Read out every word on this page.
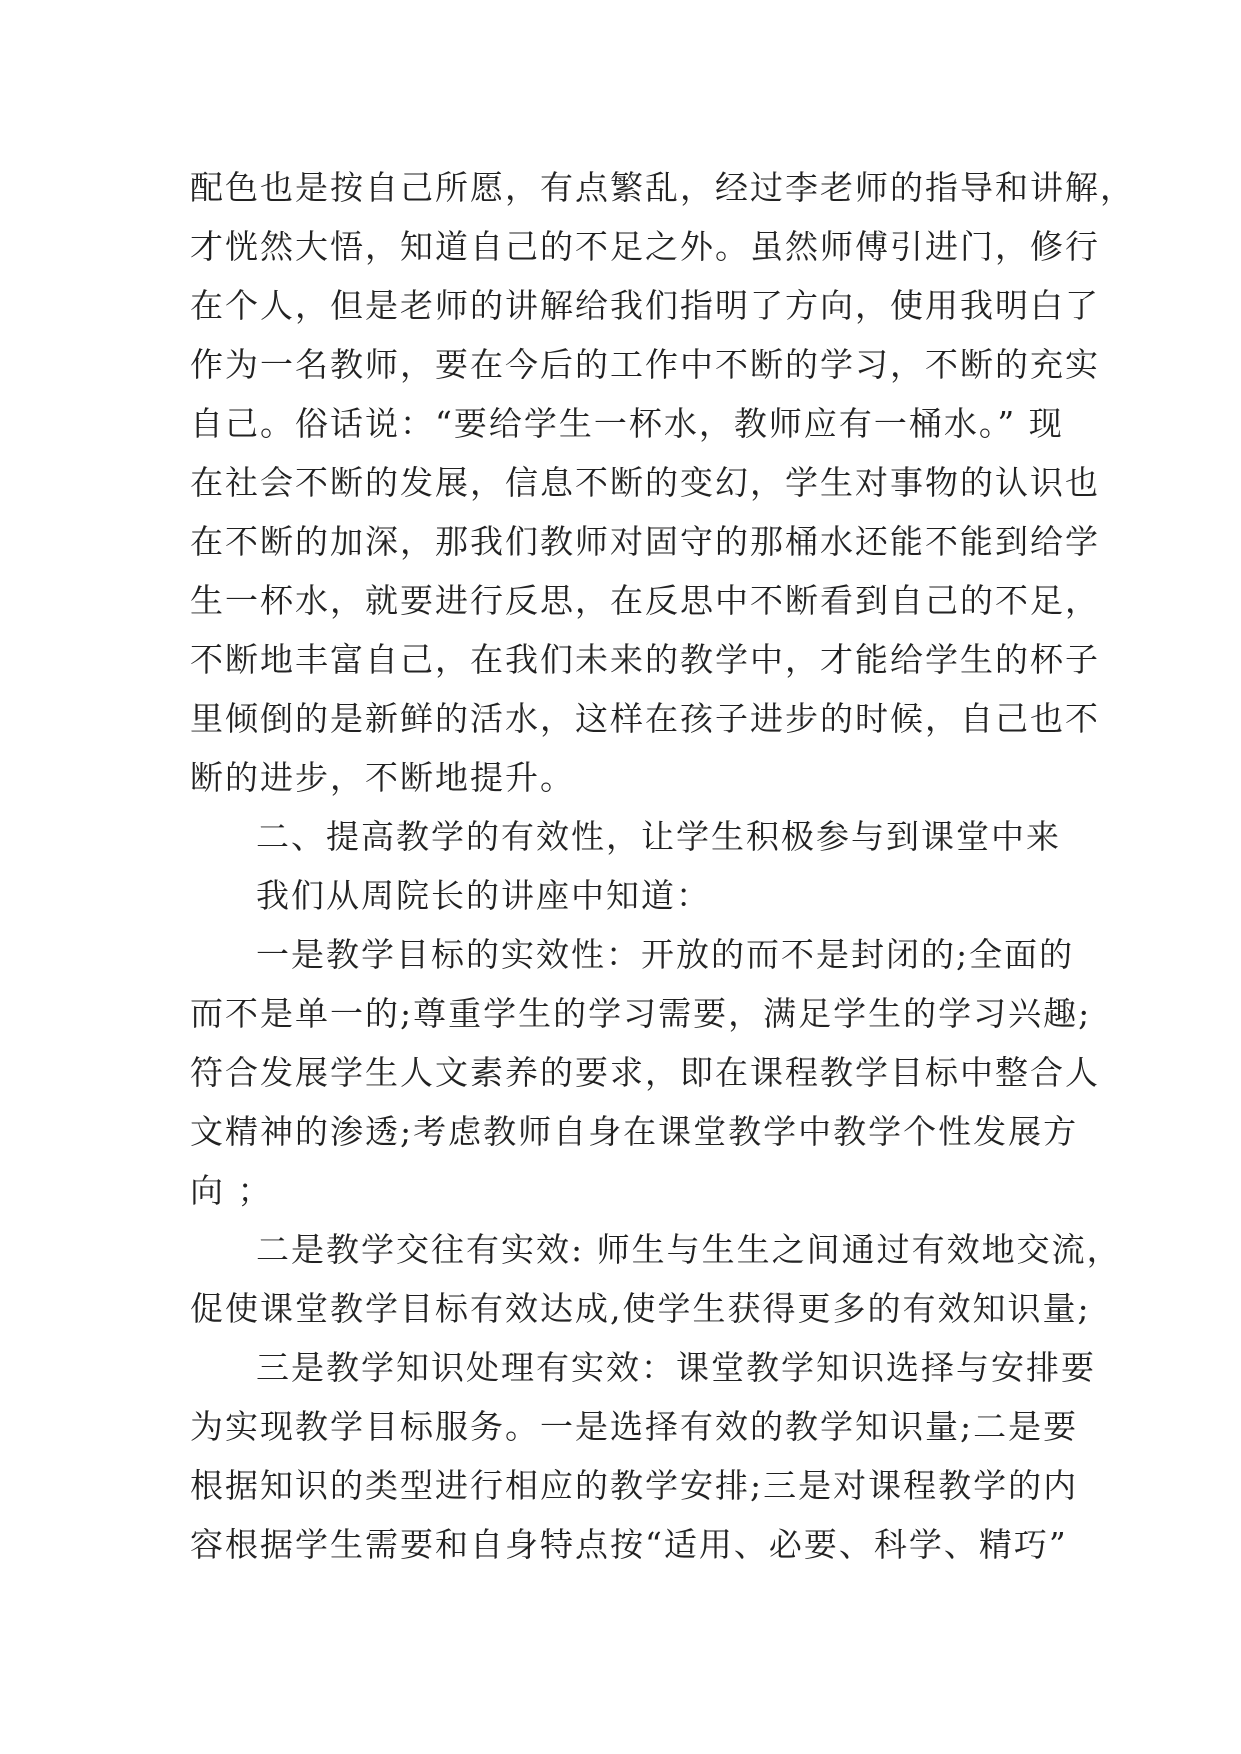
配色也是按自己所愿，有点繁乱，经过李老师的指导和讲解，
才恍然大悟，知道自己的不足之外。虽然师傅引进门，修行
在个人，但是老师的讲解给我们指明了方向，使用我明白了
作为一名教师，要在今后的工作中不断的学习，不断的充实
自己。俗话说：“要给学生一杯水，教师应有一桶水。” 现
在社会不断的发展，信息不断的变幻，学生对事物的认识也
在不断的加深，那我们教师对固守的那桶水还能不能到给学
生一杯水，就要进行反思，在反思中不断看到自己的不足，
不断地丰富自己，在我们未来的教学中，才能给学生的杯子
里倾倒的是新鲜的活水，这样在孩子进步的时候，自己也不
断的进步，不断地提升。
二、提高教学的有效性，让学生积极参与到课堂中来
我们从周院长的讲座中知道：
一是教学目标的实效性：开放的而不是封闭的;全面的
而不是单一的;尊重学生的学习需要，满足学生的学习兴趣;
符合发展学生人文素养的要求，即在课程教学目标中整合人
文精神的渗透;考虑教师自身在课堂教学中教学个性发展方
向 ；
二是教学交往有实效: 师生与生生之间通过有效地交流，
促使课堂教学目标有效达成,使学生获得更多的有效知识量;
三是教学知识处理有实效：课堂教学知识选择与安排要
为实现教学目标服务。一是选择有效的教学知识量;二是要
根据知识的类型进行相应的教学安排;三是对课程教学的内
容根据学生需要和自身特点按“适用、必要、科学、精巧”
